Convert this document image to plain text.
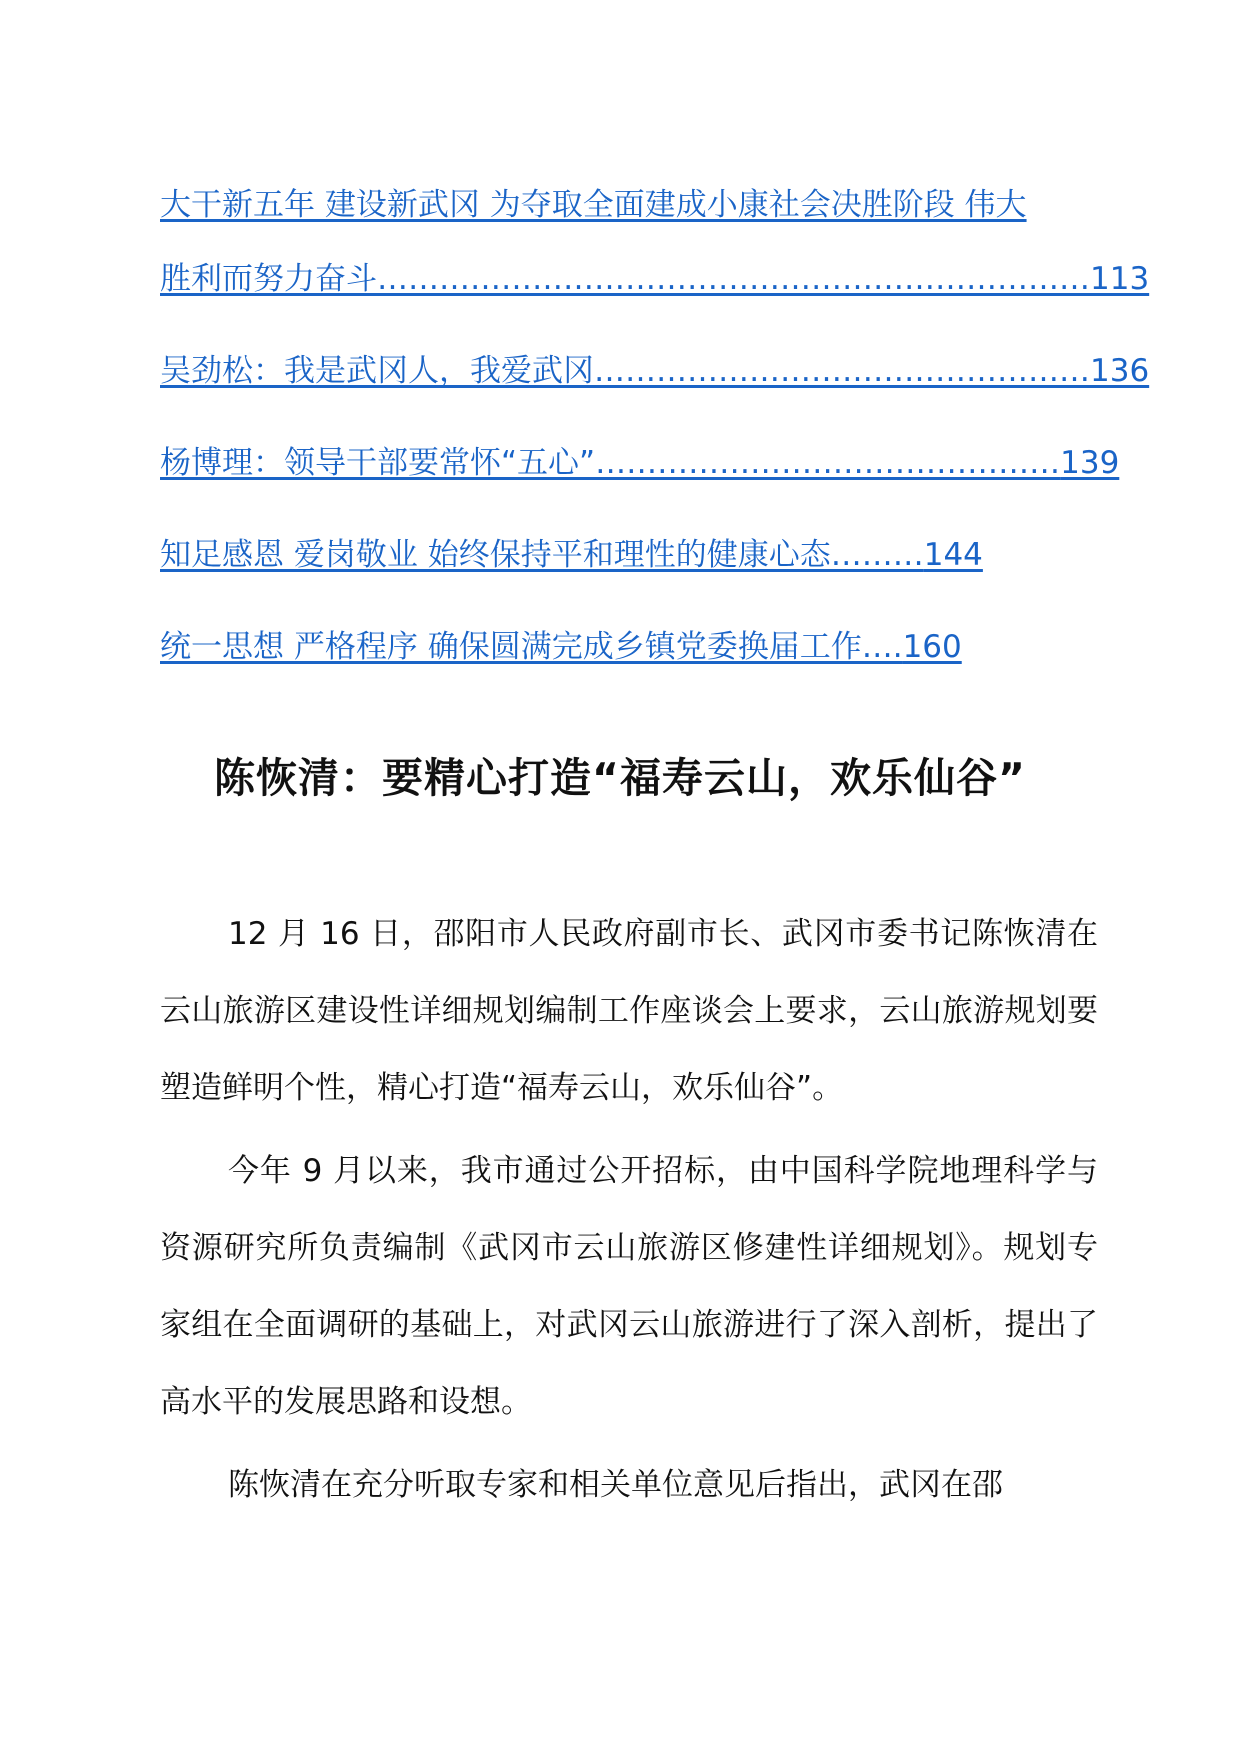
大干新五年 建设新武冈 为夺取全面建成小康社会决胜阶段 伟大
胜利而努力奋斗……………………………………………………………113
吴劲松：我是武冈人，我爱武冈…………………………………………136
杨博理：领导干部要常怀“五心”………………………………………139
知足感恩 爱岗敬业 始终保持平和理性的健康心态………144
统一思想 严格程序 确保圆满完成乡镇党委换届工作….160
陈恢清：要精心打造“福寿云山，欢乐仙谷”

12 月 16 日，邵阳市人民政府副市长、武冈市委书记陈恢清在云山旅游区建设性详细规划编制工作座谈会上要求，云山旅游规划要塑造鲜明个性，精心打造“福寿云山，欢乐仙谷”。

今年 9 月以来，我市通过公开招标，由中国科学院地理科学与资源研究所负责编制《武冈市云山旅游区修建性详细规划》。规划专家组在全面调研的基础上，对武冈云山旅游进行了深入剖析，提出了高水平的发展思路和设想。

陈恢清在充分听取专家和相关单位意见后指出，武冈在邵
